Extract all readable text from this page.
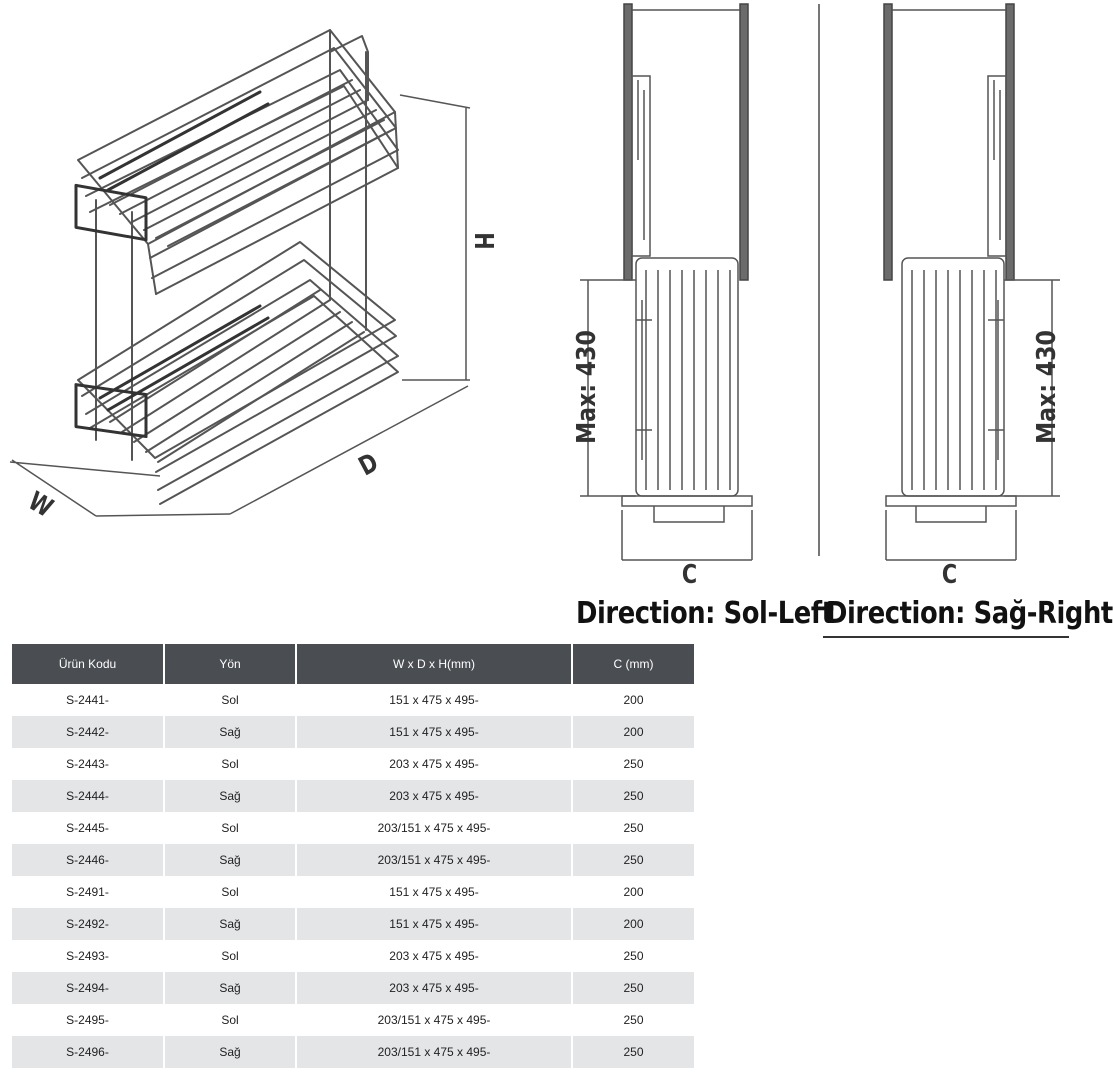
H
D
W
Max: 430
C
Max: 430
C
Direction: Sol-Left
Direction: Sağ-Right
Ürün Kodu	Yön	W x D x H(mm)	C (mm)
S-2441-	Sol	151 x 475 x 495-	200
S-2442-	Sağ	151 x 475 x 495-	200
S-2443-	Sol	203 x 475 x 495-	250
S-2444-	Sağ	203 x 475 x 495-	250
S-2445-	Sol	203/151 x 475 x 495-	250
S-2446-	Sağ	203/151 x 475 x 495-	250
S-2491-	Sol	151 x 475 x 495-	200
S-2492-	Sağ	151 x 475 x 495-	200
S-2493-	Sol	203 x 475 x 495-	250
S-2494-	Sağ	203 x 475 x 495-	250
S-2495-	Sol	203/151 x 475 x 495-	250
S-2496-	Sağ	203/151 x 475 x 495-	250
